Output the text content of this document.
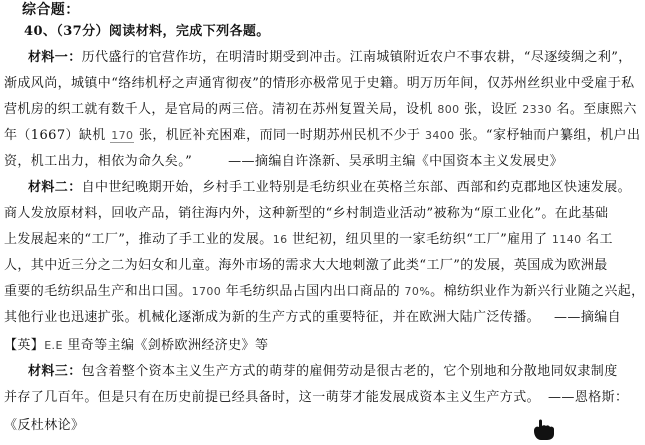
综合题：
40、（37分）阅读材料，完成下列各题。
材料一：历代盛行的官营作坊，在明清时期受到冲击。江南城镇附近农户不事农耕，“尽逐绫绸之利”，
渐成风尚，城镇中“络纬机杼之声通宵彻夜”的情形亦极常见于史籍。明万历年间，仅苏州丝织业中受雇于私
营机房的织工就有数千人，是官局的两三倍。清初在苏州复置关局，设机 800 张，设匠 2330 名。至康熙六
年（1667）缺机 170 张，机匠补充困难，而同一时期苏州民机不少于 3400 张。“家杼轴而户纂组，机户出
资，机工出力，相依为命久矣。”	——摘编自许涤新、吴承明主编《中国资本主义发展史》
材料二：自中世纪晚期开始，乡村手工业特别是毛纺织业在英格兰东部、西部和约克郡地区快速发展。
商人发放原材料，回收产品，销往海内外，这种新型的“乡村制造业活动”被称为“原工业化”。在此基础
上发展起来的“工厂”，推动了手工业的发展。16 世纪初，纽贝里的一家毛纺织“工厂”雇用了 1140 名工
人，其中近三分之二为妇女和儿童。海外市场的需求大大地刺激了此类“工厂”的发展，英国成为欧洲最
重要的毛纺织品生产和出口国。1700 年毛纺织品占国内出口商品的 70%。棉纺织业作为新兴行业随之兴起，
其他行业也迅速扩张。机械化逐渐成为新的生产方式的重要特征，并在欧洲大陆广泛传播。 ——摘编自
【英】E.E 里奇等主编《剑桥欧洲经济史》等
材料三：包含着整个资本主义生产方式的萌芽的雇佣劳动是很古老的，它个别地和分散地同奴隶制度
并存了几百年。但是只有在历史前提已经具备时，这一萌芽才能发展成资本主义生产方式。 ——恩格斯：
《反杜林论》
